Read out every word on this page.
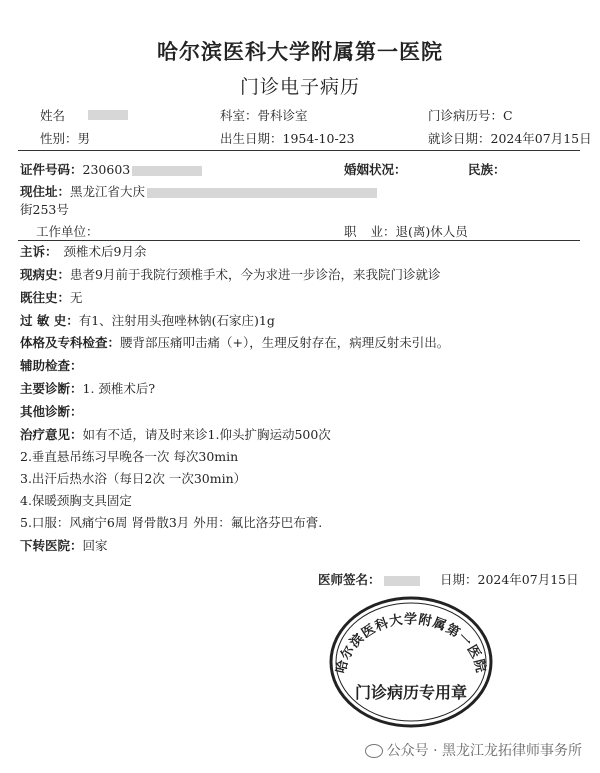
哈尔滨医科大学附属第一医院
门诊电子病历
姓名	科室：骨科诊室	门诊病历号：C
性别：男	出生日期：1954-10-23	就诊日期：2024年07月15日
证件号码：230603	婚姻状况：	民族：
现住址：黑龙江省大庆
街253号
工作单位：	职 业：退(离)休人员
主诉： 颈椎术后9月余
现病史：患者9月前于我院行颈椎手术，今为求进一步诊治，来我院门诊就诊
既往史：无
过 敏 史：有1、注射用头孢唑林钠(石家庄)1g
体格及专科检查：腰背部压痛叩击痛（+），生理反射存在，病理反射未引出。
辅助检查：
主要诊断：1. 颈椎术后?
其他诊断：
治疗意见：如有不适，请及时来诊1.仰头扩胸运动500次
2.垂直悬吊练习早晚各一次 每次30min
3.出汗后热水浴（每日2次 一次30min）
4.保暖颈胸支具固定
5.口服：风痛宁6周 肾骨散3月 外用：氟比洛芬巴布膏.
下转医院：回家
医师签名：	日期：2024年07月15日
哈尔滨医科大学附属第一医院
门诊病历专用章
公众号 · 黑龙江龙拓律师事务所
